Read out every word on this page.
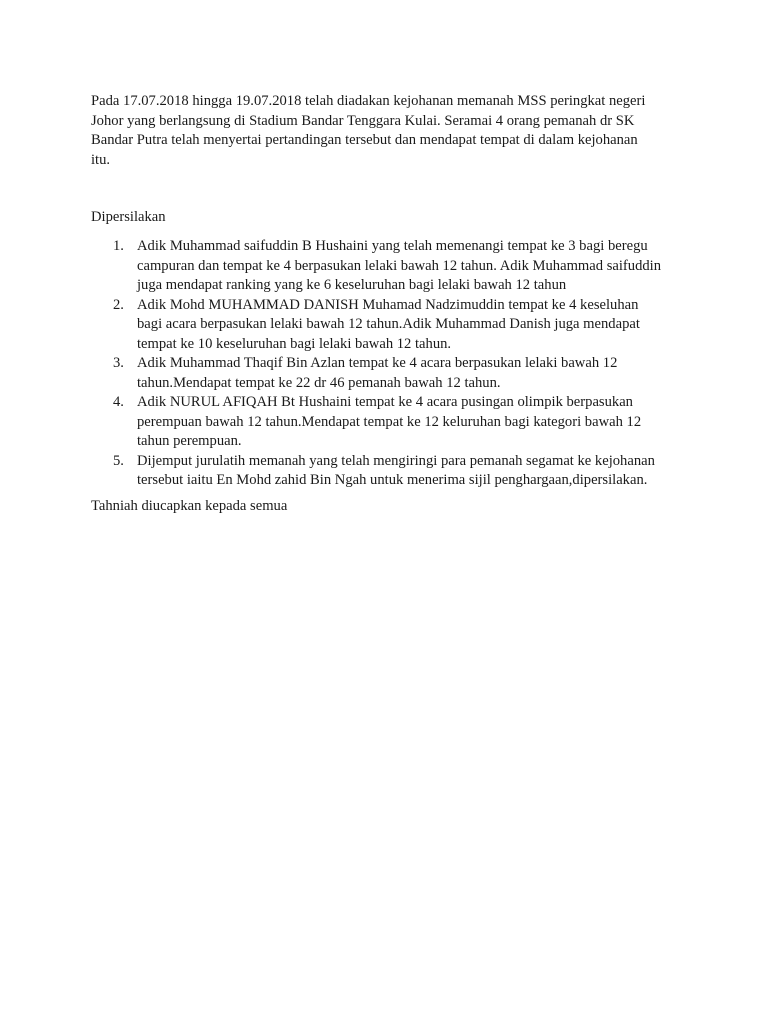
Pada 17.07.2018 hingga 19.07.2018 telah diadakan kejohanan memanah MSS peringkat negeri
Johor yang berlangsung di Stadium Bandar Tenggara Kulai. Seramai 4 orang pemanah dr SK
Bandar Putra telah menyertai pertandingan tersebut dan mendapat tempat di dalam kejohanan
itu.
Dipersilakan
1. Adik Muhammad saifuddin B Hushaini yang telah memenangi tempat ke 3 bagi beregu
campuran dan tempat ke 4 berpasukan lelaki bawah 12 tahun. Adik Muhammad saifuddin
juga mendapat ranking yang ke 6 keseluruhan bagi lelaki bawah 12 tahun
2. Adik Mohd MUHAMMAD DANISH Muhamad Nadzimuddin tempat ke 4 keseluhan
bagi acara berpasukan lelaki bawah 12 tahun.Adik Muhammad Danish juga mendapat
tempat ke 10 keseluruhan bagi lelaki bawah 12 tahun.
3. Adik Muhammad Thaqif Bin Azlan tempat ke 4 acara berpasukan lelaki bawah 12
tahun.Mendapat tempat ke 22 dr 46 pemanah bawah 12 tahun.
4. Adik NURUL AFIQAH Bt Hushaini tempat ke 4 acara pusingan olimpik berpasukan
perempuan bawah 12 tahun.Mendapat tempat ke 12 keluruhan bagi kategori bawah 12
tahun perempuan.
5. Dijemput jurulatih memanah yang telah mengiringi para pemanah segamat ke kejohanan
tersebut iaitu En Mohd zahid Bin Ngah untuk menerima sijil penghargaan,dipersilakan.
Tahniah diucapkan kepada semua
